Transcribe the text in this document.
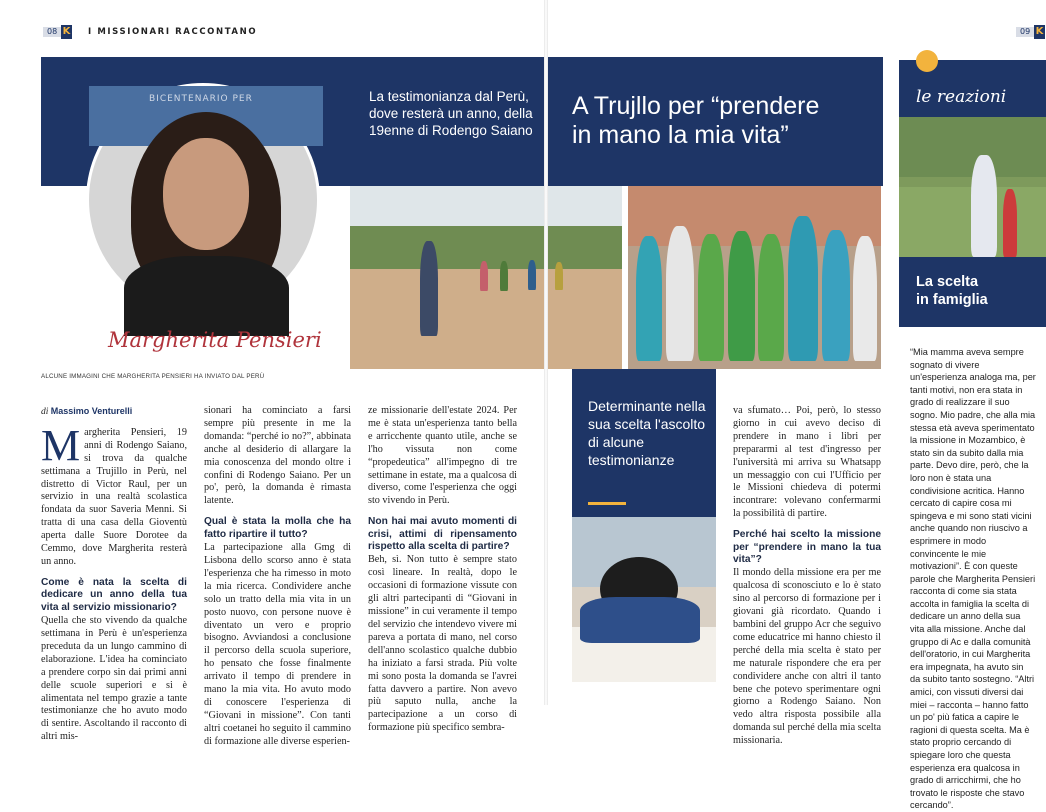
08 K I MISSIONARI RACCONTANO	09 K
BICENTENARIO PER	La testimonianza dal Perù, dove resterà un anno, della 19enne di Rodengo Saiano
A Trujllo per “prendere
in mano la mia vita”
Margherita Pensieri
ALCUNE IMMAGINI CHE MARGHERITA PENSIERI HA INVIATO DAL PERÙ
le reazioni
La scelta
in famiglia
“Mia mamma aveva sempre sognato di vivere un'esperienza analoga ma, per tanti motivi, non era stata in grado di realizzare il suo sogno. Mio padre, che alla mia stessa età aveva sperimentato la missione in Mozambico, è stato sin da subito dalla mia parte. Devo dire, però, che la loro non è stata una condivisione acritica. Hanno cercato di capire cosa mi spingeva e mi sono stati vicini anche quando non riuscivo a esprimere in modo convincente le mie motivazioni”. È con queste parole che Margherita Pensieri racconta di come sia stata accolta in famiglia la scelta di dedicare un anno della sua vita alla missione. Anche dal gruppo di Ac e dalla comunità dell'oratorio, in cui Margherita era impegnata, ha avuto sin da subito tanto sostegno. “Altri amici, con vissuti diversi dai miei – racconta – hanno fatto un po' più fatica a capire le ragioni di questa scelta. Ma è stato proprio cercando di spiegare loro che questa esperienza era qualcosa in grado di arricchirmi, che ho trovato le risposte che stavo cercando”.
Determinante nella sua scelta l'ascolto di alcune testimonianze
di Massimo Venturelli
M argherita Pensieri, 19 anni di Rodengo Saiano, si trova da qualche settimana a Trujillo in Perù, nel distretto di Victor Raul, per un servizio in una realtà scolastica fondata da suor Saveria Menni. Si tratta di una casa della Gioventù aperta dalle Suore Dorotee da Cemmo, dove Margherita resterà un anno.

Come è nata la scelta di dedicare un anno della tua vita al servizio missionario?

Quella che sto vivendo da qualche settimana in Perù è un'esperienza preceduta da un lungo cammino di elaborazione. L'idea ha cominciato a prendere corpo sin dai primi anni delle scuole superiori e si è alimentata nel tempo grazie a tante testimonianze che ho avuto modo di sentire. Ascoltando il racconto di altri mis-

sionari ha cominciato a farsi sempre più presente in me la domanda: “perché io no?”, abbinata anche al desiderio di allargare la mia conoscenza del mondo oltre i confini di Rodengo Saiano. Per un po', però, la domanda è rimasta latente.

Qual è stata la molla che ha fatto ripartire il tutto?

La partecipazione alla Gmg di Lisbona dello scorso anno è stata l'esperienza che ha rimesso in moto la mia ricerca. Condividere anche solo un tratto della mia vita in un posto nuovo, con persone nuove è diventato un vero e proprio bisogno. Avviandosi a conclusione il percorso della scuola superiore, ho pensato che fosse finalmente arrivato il tempo di prendere in mano la mia vita. Ho avuto modo di conoscere l'esperienza di “Giovani in missione”. Con tanti altri coetanei ho seguito il cammino di formazione alle diverse esperien-

ze missionarie dell'estate 2024. Per me è stata un'esperienza tanto bella e arricchente quanto utile, anche se l'ho vissuta non come “propedeutica” all'impegno di tre settimane in estate, ma a qualcosa di diverso, come l'esperienza che oggi sto vivendo in Perù.

Non hai mai avuto momenti di crisi, attimi di ripensamento rispetto alla scelta di partire?

Beh, sì. Non tutto è sempre stato così lineare. In realtà, dopo le occasioni di formazione vissute con gli altri partecipanti di “Giovani in missione” in cui veramente il tempo del servizio che intendevo vivere mi pareva a portata di mano, nel corso dell'anno scolastico qualche dubbio ha iniziato a farsi strada. Più volte mi sono posta la domanda se l'avrei fatta davvero a partire. Non avevo più saputo nulla, anche la partecipazione a un corso di formazione più specifico sembra-

va sfumato… Poi, però, lo stesso giorno in cui avevo deciso di prendere in mano i libri per prepararmi al test d'ingresso per l'università mi arriva su Whatsapp un messaggio con cui l'Ufficio per le Missioni chiedeva di potermi incontrare: volevano confermarmi la possibilità di partire.

Perché hai scelto la missione per “prendere in mano la tua vita”?

Il mondo della missione era per me qualcosa di sconosciuto e lo è stato sino al percorso di formazione per i giovani già ricordato. Quando i bambini del gruppo Acr che seguivo come educatrice mi hanno chiesto il perché della mia scelta è stato per me naturale rispondere che era per condividere anche con altri il tanto bene che potevo sperimentare ogni giorno a Rodengo Saiano. Non vedo altra risposta possibile alla domanda sul perché della mia scelta missionaria.
